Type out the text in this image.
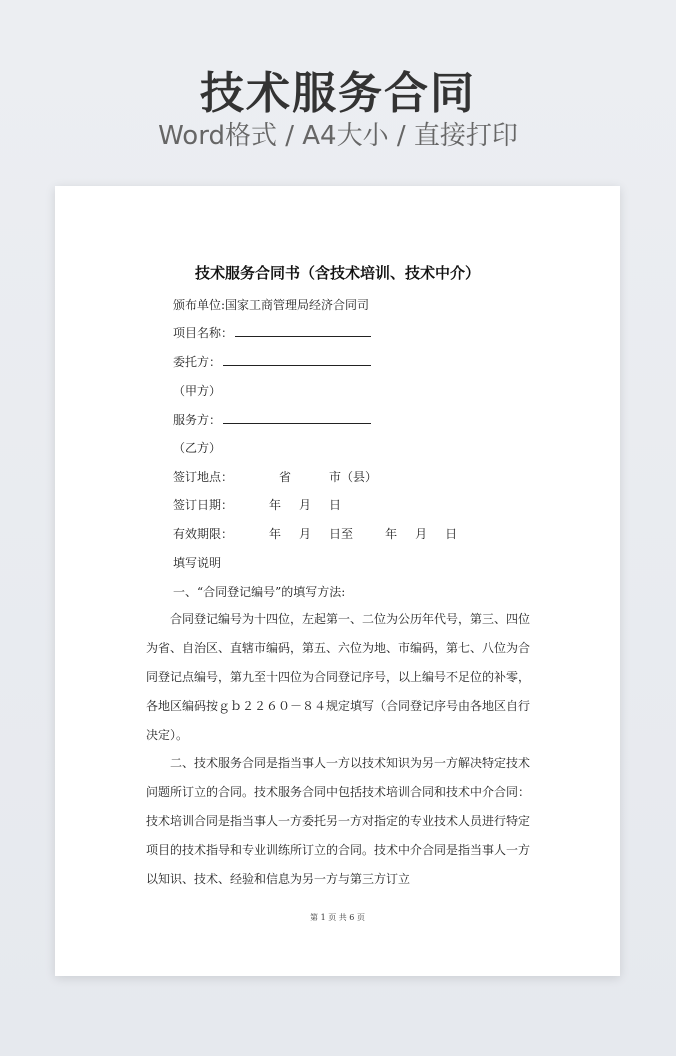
技术服务合同
Word格式 / A4大小 / 直接打印
技术服务合同书（含技术培训、技术中介）
颁布单位:国家工商管理局经济合同司
项目名称：
委托方：
（甲方）
服务方：
（乙方）
签订地点：	省	市（县）
签订日期：	年 月 日
有效期限：	年 月 日至	年 月 日
填写说明
一、“合同登记编号”的填写方法:
合同登记编号为十四位，左起第一、二位为公历年代号，第三、四位为省、自治区、直辖市编码，第五、六位为地、市编码，第七、八位为合同登记点编号，第九至十四位为合同登记序号，以上编号不足位的补零，各地区编码按ｇｂ２２６０－８４规定填写（合同登记序号由各地区自行决定）。
二、技术服务合同是指当事人一方以技术知识为另一方解决特定技术问题所订立的合同。技术服务合同中包括技术培训合同和技术中介合同：技术培训合同是指当事人一方委托另一方对指定的专业技术人员进行特定项目的技术指导和专业训练所订立的合同。技术中介合同是指当事人一方以知识、技术、经验和信息为另一方与第三方订立
第 1 页 共 6 页
